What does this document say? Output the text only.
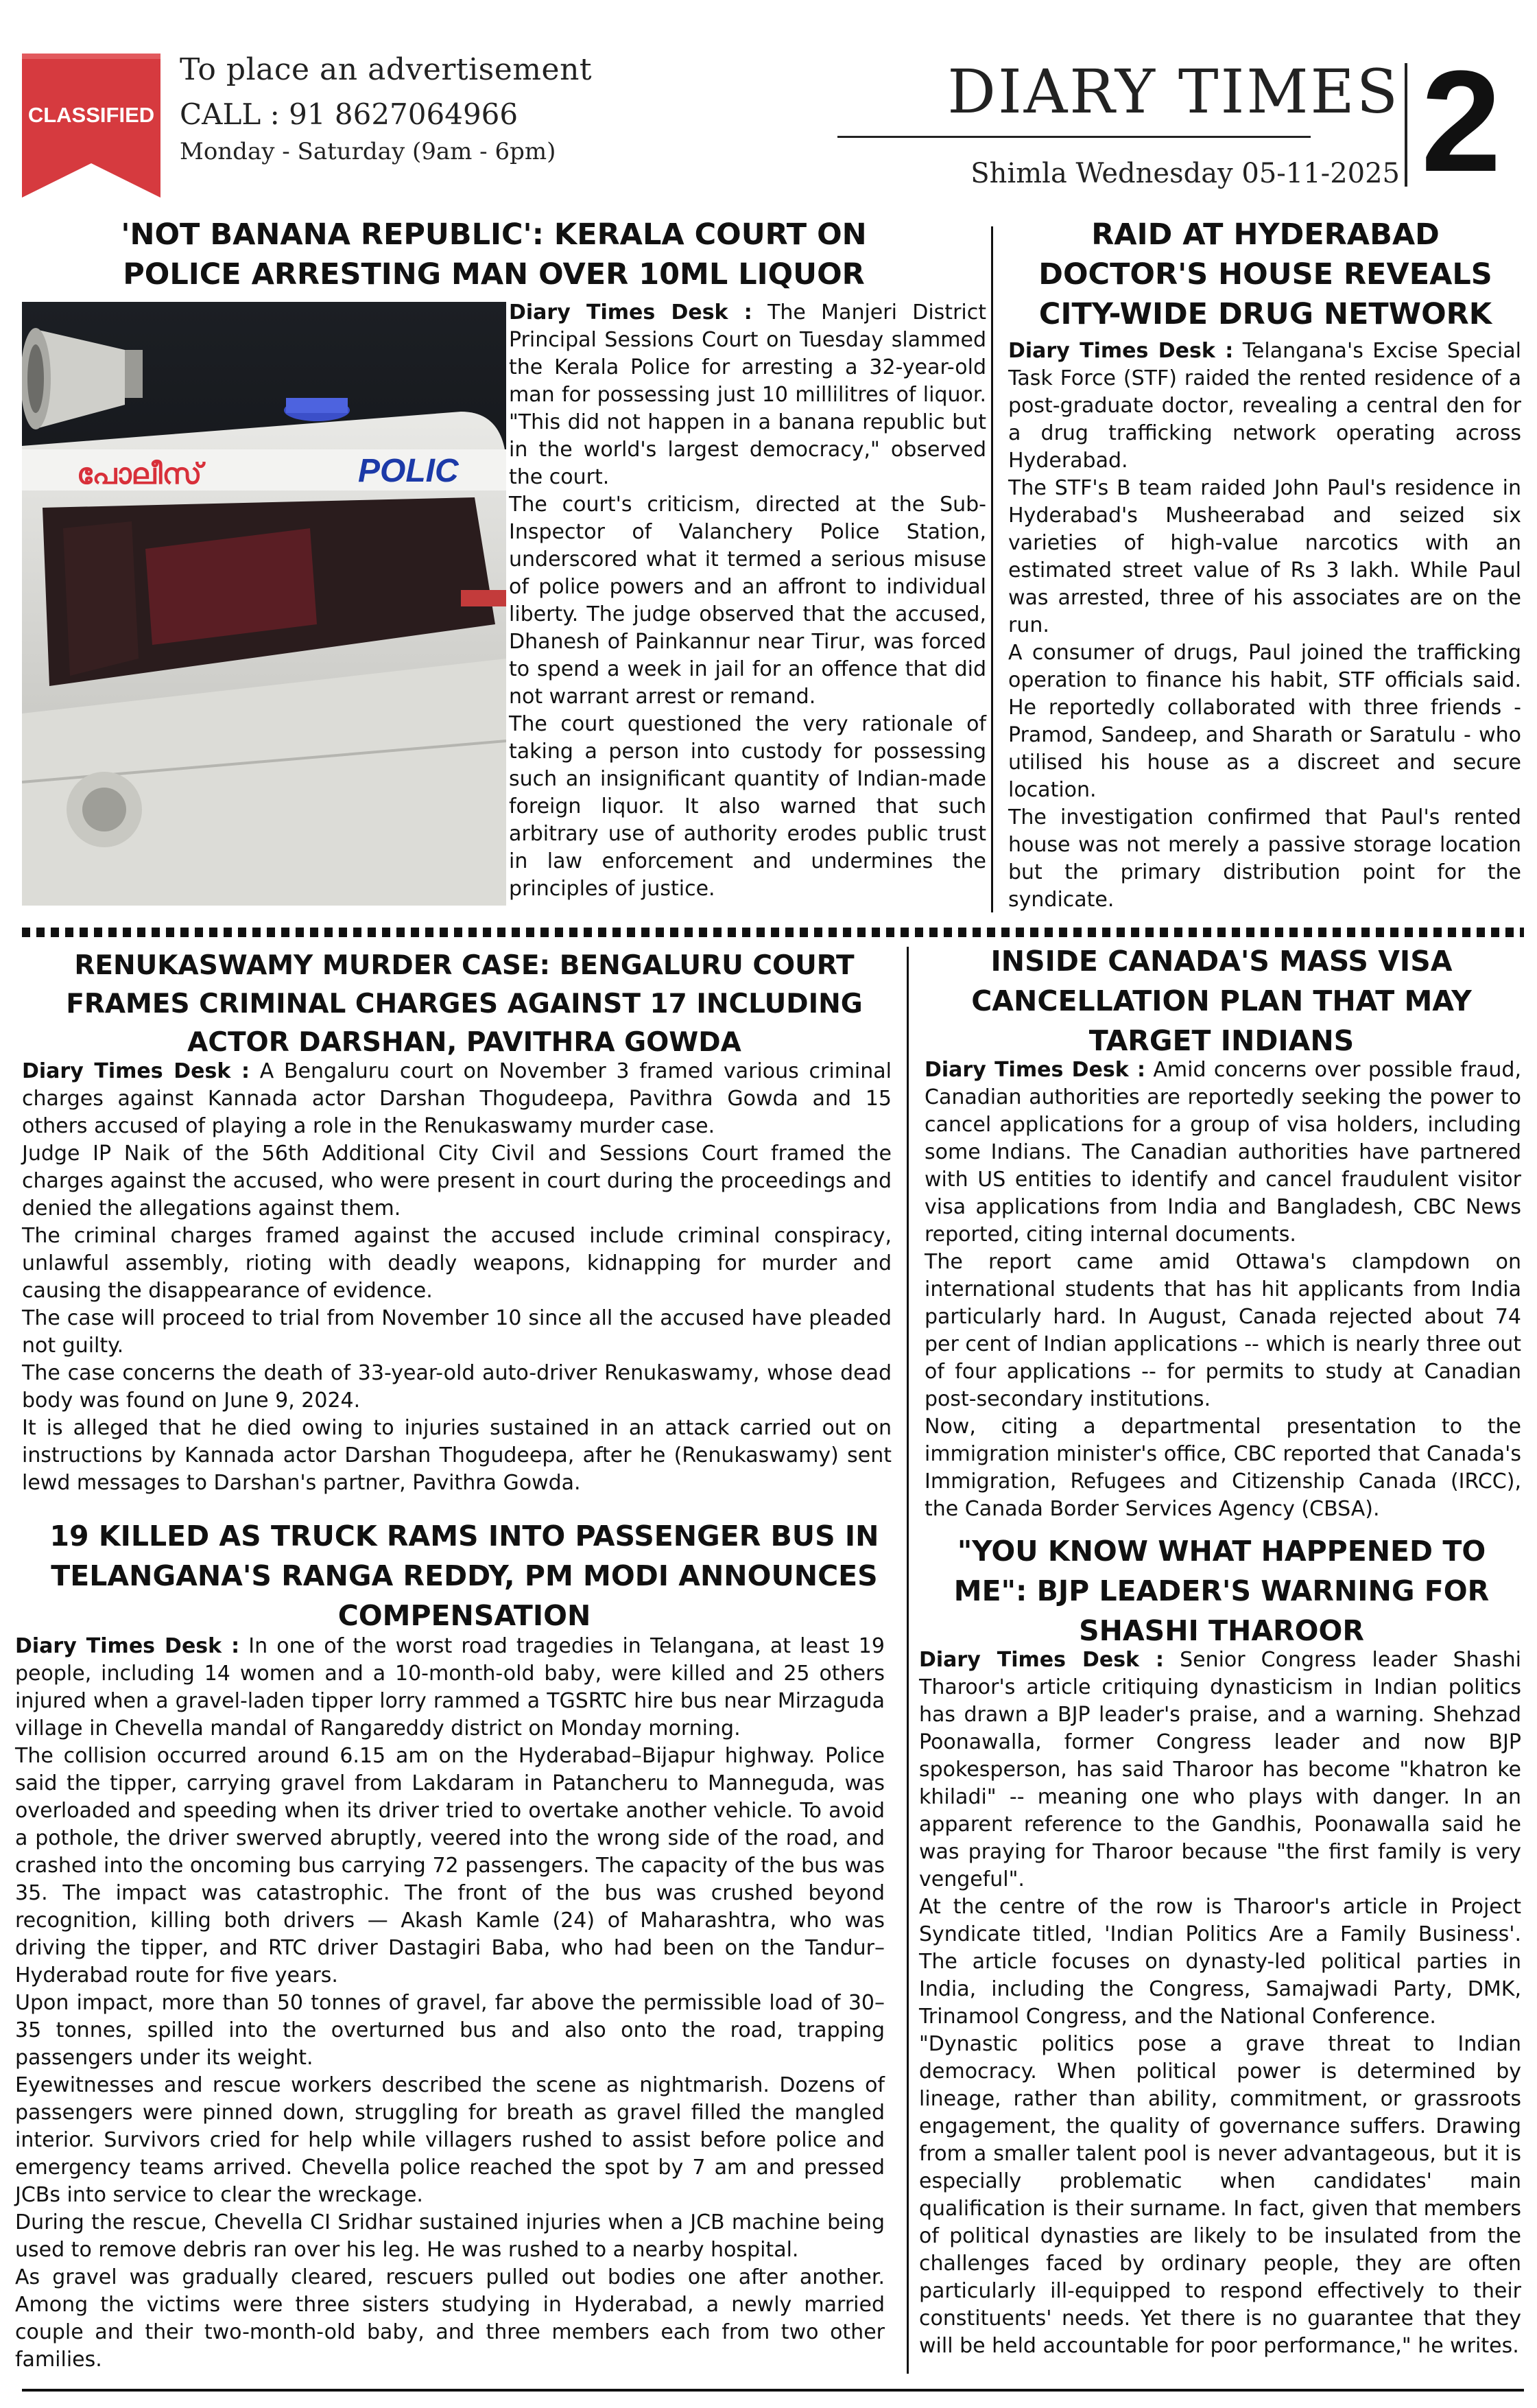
CLASSIFIED
To place an advertisement
CALL : 91 8627064966
Monday - Saturday (9am - 6pm)
DIARY TIMES
Shimla Wednesday 05-11-2025 2
'NOT BANANA REPUBLIC': KERALA COURT ON POLICE ARRESTING MAN OVER 10ML LIQUOR
പോലീസ്	POLIC

Diary Times Desk : The Manjeri District Principal Sessions Court on Tuesday slammed the Kerala Police for arresting a 32-year-old man for possessing just 10 millilitres of liquor. "This did not happen in a banana republic but in the world's largest democracy," observed the court.

The court's criticism, directed at the Sub-Inspector of Valanchery Police Station, underscored what it termed a serious misuse of police powers and an affront to individual liberty. The judge observed that the accused, Dhanesh of Painkannur near Tirur, was forced to spend a week in jail for an offence that did not warrant arrest or remand.

The court questioned the very rationale of taking a person into custody for possessing such an insignificant quantity of Indian-made foreign liquor. It also warned that such arbitrary use of authority erodes public trust in law enforcement and undermines the principles of justice.

RAID AT HYDERABAD DOCTOR'S HOUSE REVEALS CITY-WIDE DRUG NETWORK

Diary Times Desk : Telangana's Excise Special Task Force (STF) raided the rented residence of a post-graduate doctor, revealing a central den for a drug trafficking network operating across Hyderabad.

The STF's B team raided John Paul's residence in Hyderabad's Musheerabad and seized six varieties of high-value narcotics with an estimated street value of Rs 3 lakh. While Paul was arrested, three of his associates are on the run.

A consumer of drugs, Paul joined the trafficking operation to finance his habit, STF officials said. He reportedly collaborated with three friends - Pramod, Sandeep, and Sharath or Saratulu - who utilised his house as a discreet and secure location.

The investigation confirmed that Paul's rented house was not merely a passive storage location but the primary distribution point for the syndicate.

RENUKASWAMY MURDER CASE: BENGALURU COURT FRAMES CRIMINAL CHARGES AGAINST 17 INCLUDING ACTOR DARSHAN, PAVITHRA GOWDA

Diary Times Desk : A Bengaluru court on November 3 framed various criminal charges against Kannada actor Darshan Thogudeepa, Pavithra Gowda and 15 others accused of playing a role in the Renukaswamy murder case.

Judge IP Naik of the 56th Additional City Civil and Sessions Court framed the charges against the accused, who were present in court during the proceedings and denied the allegations against them.

The criminal charges framed against the accused include criminal conspiracy, unlawful assembly, rioting with deadly weapons, kidnapping for murder and causing the disappearance of evidence.

The case will proceed to trial from November 10 since all the accused have pleaded not guilty.

The case concerns the death of 33-year-old auto-driver Renukaswamy, whose dead body was found on June 9, 2024.

It is alleged that he died owing to injuries sustained in an attack carried out on instructions by Kannada actor Darshan Thogudeepa, after he (Renukaswamy) sent lewd messages to Darshan's partner, Pavithra Gowda.

19 KILLED AS TRUCK RAMS INTO PASSENGER BUS IN TELANGANA'S RANGA REDDY, PM MODI ANNOUNCES COMPENSATION

Diary Times Desk : In one of the worst road tragedies in Telangana, at least 19 people, including 14 women and a 10-month-old baby, were killed and 25 others injured when a gravel-laden tipper lorry rammed a TGSRTC hire bus near Mirzaguda village in Chevella mandal of Rangareddy district on Monday morning.

The collision occurred around 6.15 am on the Hyderabad–Bijapur highway. Police said the tipper, carrying gravel from Lakdaram in Patancheru to Manneguda, was overloaded and speeding when its driver tried to overtake another vehicle. To avoid a pothole, the driver swerved abruptly, veered into the wrong side of the road, and crashed into the oncoming bus carrying 72 passengers. The capacity of the bus was 35. The impact was catastrophic. The front of the bus was crushed beyond recognition, killing both drivers — Akash Kamle (24) of Maharashtra, who was driving the tipper, and RTC driver Dastagiri Baba, who had been on the Tandur–Hyderabad route for five years.

Upon impact, more than 50 tonnes of gravel, far above the permissible load of 30–35 tonnes, spilled into the overturned bus and also onto the road, trapping passengers under its weight.

Eyewitnesses and rescue workers described the scene as nightmarish. Dozens of passengers were pinned down, struggling for breath as gravel filled the mangled interior. Survivors cried for help while villagers rushed to assist before police and emergency teams arrived. Chevella police reached the spot by 7 am and pressed JCBs into service to clear the wreckage.

During the rescue, Chevella CI Sridhar sustained injuries when a JCB machine being used to remove debris ran over his leg. He was rushed to a nearby hospital.

As gravel was gradually cleared, rescuers pulled out bodies one after another. Among the victims were three sisters studying in Hyderabad, a newly married couple and their two-month-old baby, and three members each from two other families.

INSIDE CANADA'S MASS VISA CANCELLATION PLAN THAT MAY TARGET INDIANS

Diary Times Desk : Amid concerns over possible fraud, Canadian authorities are reportedly seeking the power to cancel applications for a group of visa holders, including some Indians. The Canadian authorities have partnered with US entities to identify and cancel fraudulent visitor visa applications from India and Bangladesh, CBC News reported, citing internal documents.

The report came amid Ottawa's clampdown on international students that has hit applicants from India particularly hard. In August, Canada rejected about 74 per cent of Indian applications -- which is nearly three out of four applications -- for permits to study at Canadian post-secondary institutions.

Now, citing a departmental presentation to the immigration minister's office, CBC reported that Canada's Immigration, Refugees and Citizenship Canada (IRCC), the Canada Border Services Agency (CBSA).

"YOU KNOW WHAT HAPPENED TO ME": BJP LEADER'S WARNING FOR SHASHI THAROOR

Diary Times Desk : Senior Congress leader Shashi Tharoor's article critiquing dynasticism in Indian politics has drawn a BJP leader's praise, and a warning. Shehzad Poonawalla, former Congress leader and now BJP spokesperson, has said Tharoor has become "khatron ke khiladi" -- meaning one who plays with danger. In an apparent reference to the Gandhis, Poonawalla said he was praying for Tharoor because "the first family is very vengeful".

At the centre of the row is Tharoor's article in Project Syndicate titled, 'Indian Politics Are a Family Business'. The article focuses on dynasty-led political parties in India, including the Congress, Samajwadi Party, DMK, Trinamool Congress, and the National Conference.

"Dynastic politics pose a grave threat to Indian democracy. When political power is determined by lineage, rather than ability, commitment, or grassroots engagement, the quality of governance suffers. Drawing from a smaller talent pool is never advantageous, but it is especially problematic when candidates' main qualification is their surname. In fact, given that members of political dynasties are likely to be insulated from the challenges faced by ordinary people, they are often particularly ill-equipped to respond effectively to their constituents' needs. Yet there is no guarantee that they will be held accountable for poor performance," he writes.
